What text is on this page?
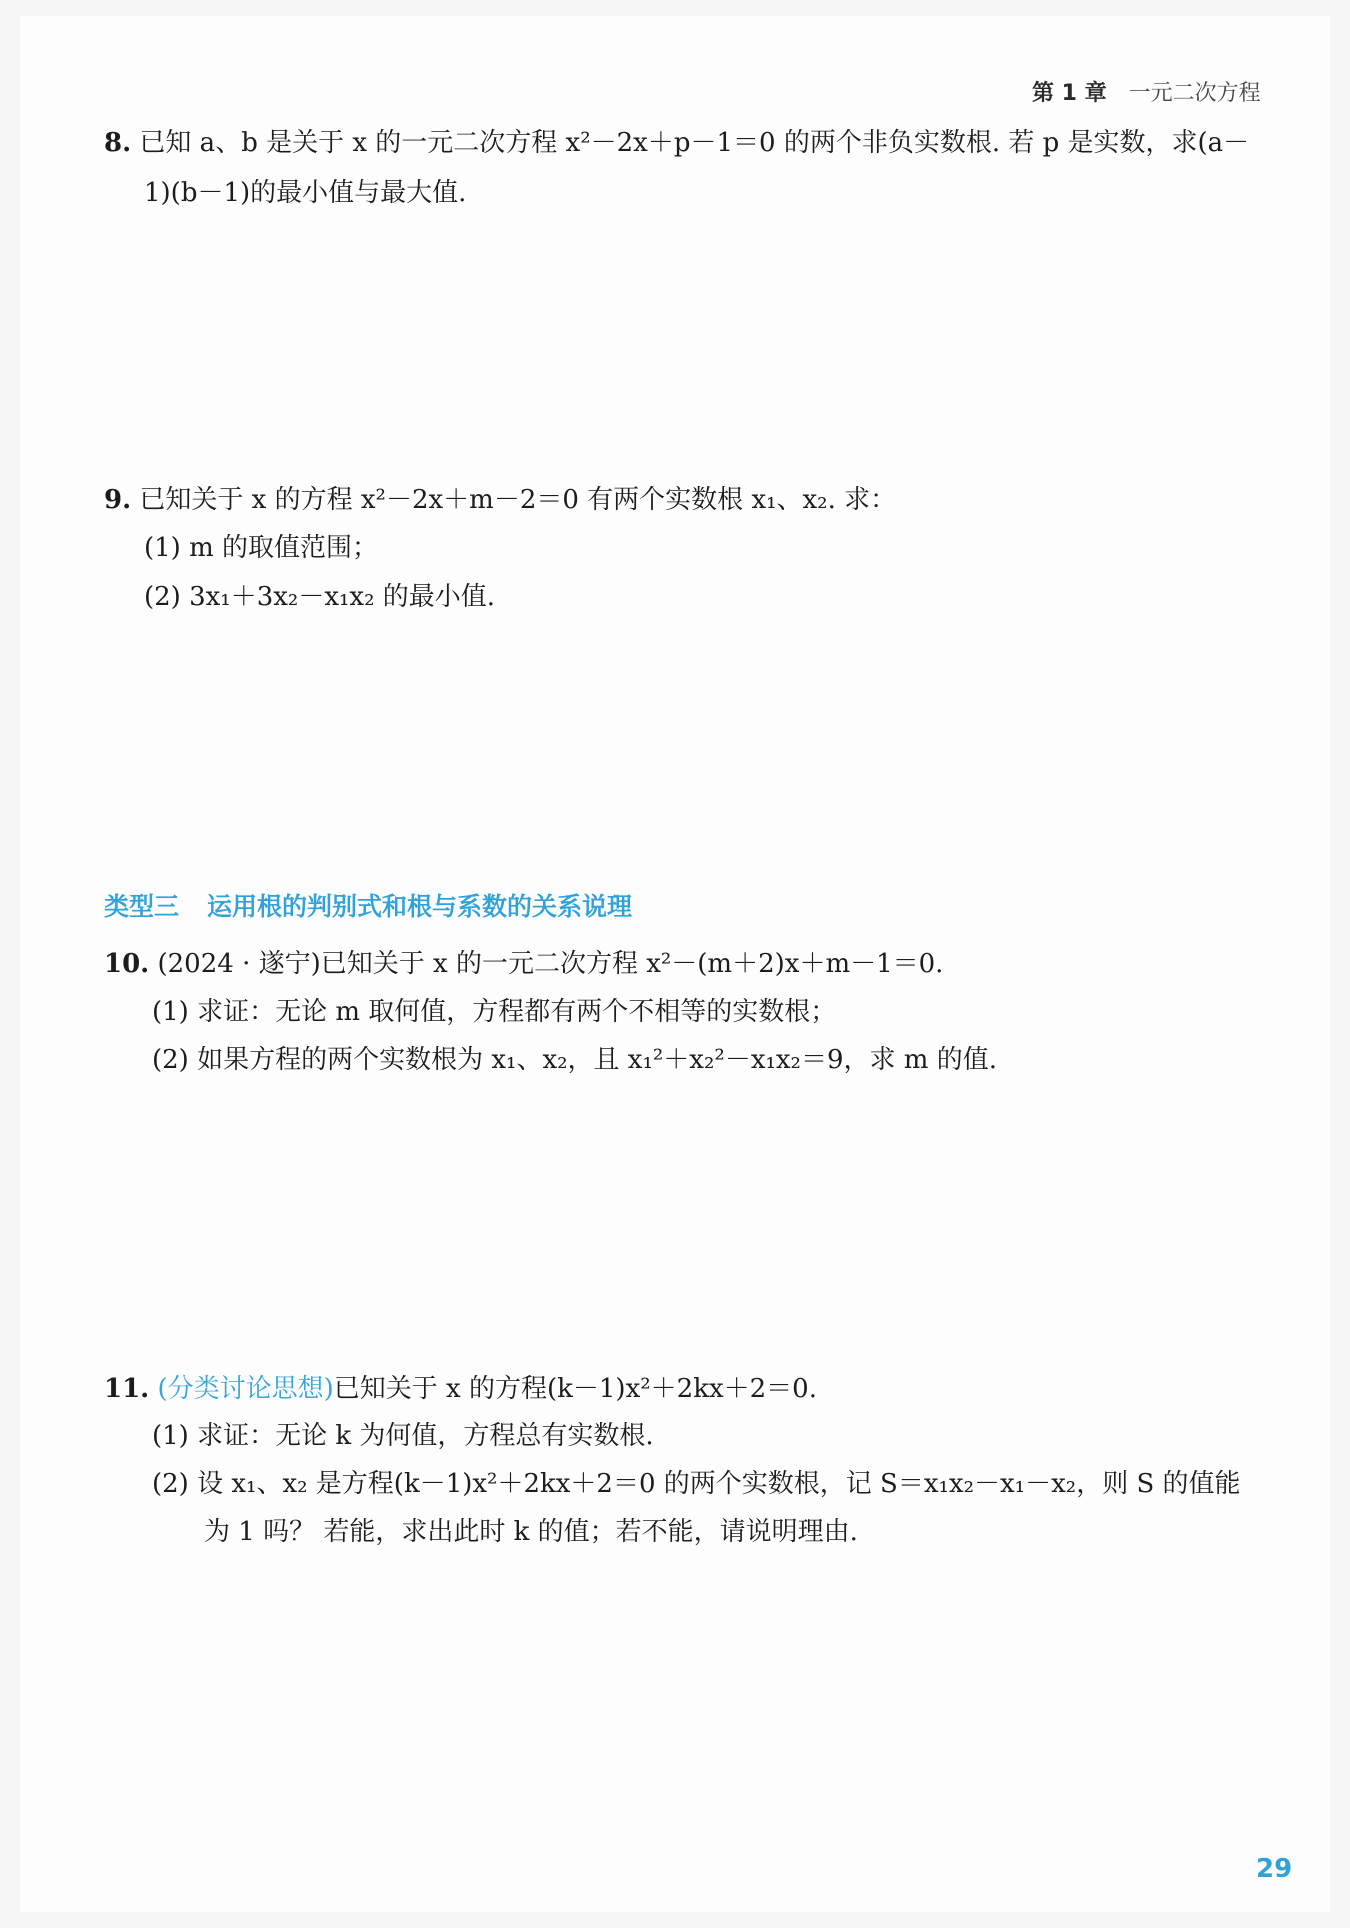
第 1 章 一元二次方程
8. 已知 a、b 是关于 x 的一元二次方程 x²－2x＋p－1＝0 的两个非负实数根. 若 p 是实数，求(a－
1)(b－1)的最小值与最大值.
9. 已知关于 x 的方程 x²－2x＋m－2＝0 有两个实数根 x₁、x₂. 求：
(1) m 的取值范围；
(2) 3x₁＋3x₂－x₁x₂ 的最小值.
类型三 运用根的判别式和根与系数的关系说理
10. (2024 · 遂宁)已知关于 x 的一元二次方程 x²－(m＋2)x＋m－1＝0.
(1) 求证：无论 m 取何值，方程都有两个不相等的实数根；
(2) 如果方程的两个实数根为 x₁、x₂，且 x₁²＋x₂²－x₁x₂＝9，求 m 的值.
11. (分类讨论思想)已知关于 x 的方程(k－1)x²＋2kx＋2＝0.
(1) 求证：无论 k 为何值，方程总有实数根.
(2) 设 x₁、x₂ 是方程(k－1)x²＋2kx＋2＝0 的两个实数根，记 S＝x₁x₂－x₁－x₂，则 S 的值能
为 1 吗？ 若能，求出此时 k 的值；若不能，请说明理由.
29
